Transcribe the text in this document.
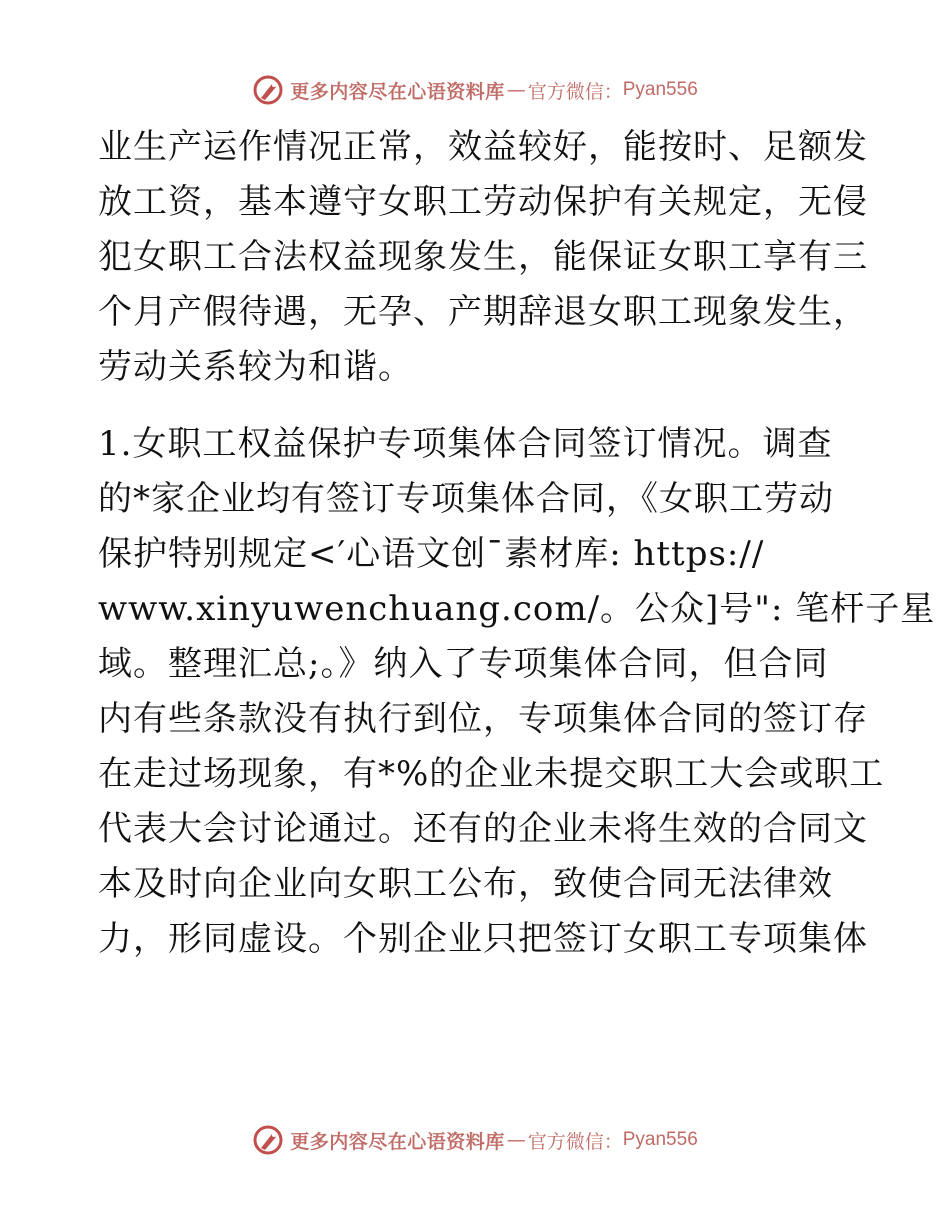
更多内容尽在心语资料库 — 官方微信： Pyan556
业生产运作情况正常，效益较好，能按时、足额发
放工资，基本遵守女职工劳动保护有关规定，无侵
犯女职工合法权益现象发生，能保证女职工享有三
个月产假待遇，无孕、产期辞退女职工现象发生，
劳动关系较为和谐。
1.女职工权益保护专项集体合同签订情况。调查
的*家企业均有签订专项集体合同，《女职工劳动
保护特别规定<′心语文创¯素材库: https://
www.xinyuwenchuang.com/。公众]号": 笔杆子星
域。整理汇总;。》纳入了专项集体合同，但合同
内有些条款没有执行到位，专项集体合同的签订存
在走过场现象，有*%的企业未提交职工大会或职工
代表大会讨论通过。还有的企业未将生效的合同文
本及时向企业向女职工公布，致使合同无法律效
力，形同虚设。个别企业只把签订女职工专项集体
更多内容尽在心语资料库 — 官方微信： Pyan556
